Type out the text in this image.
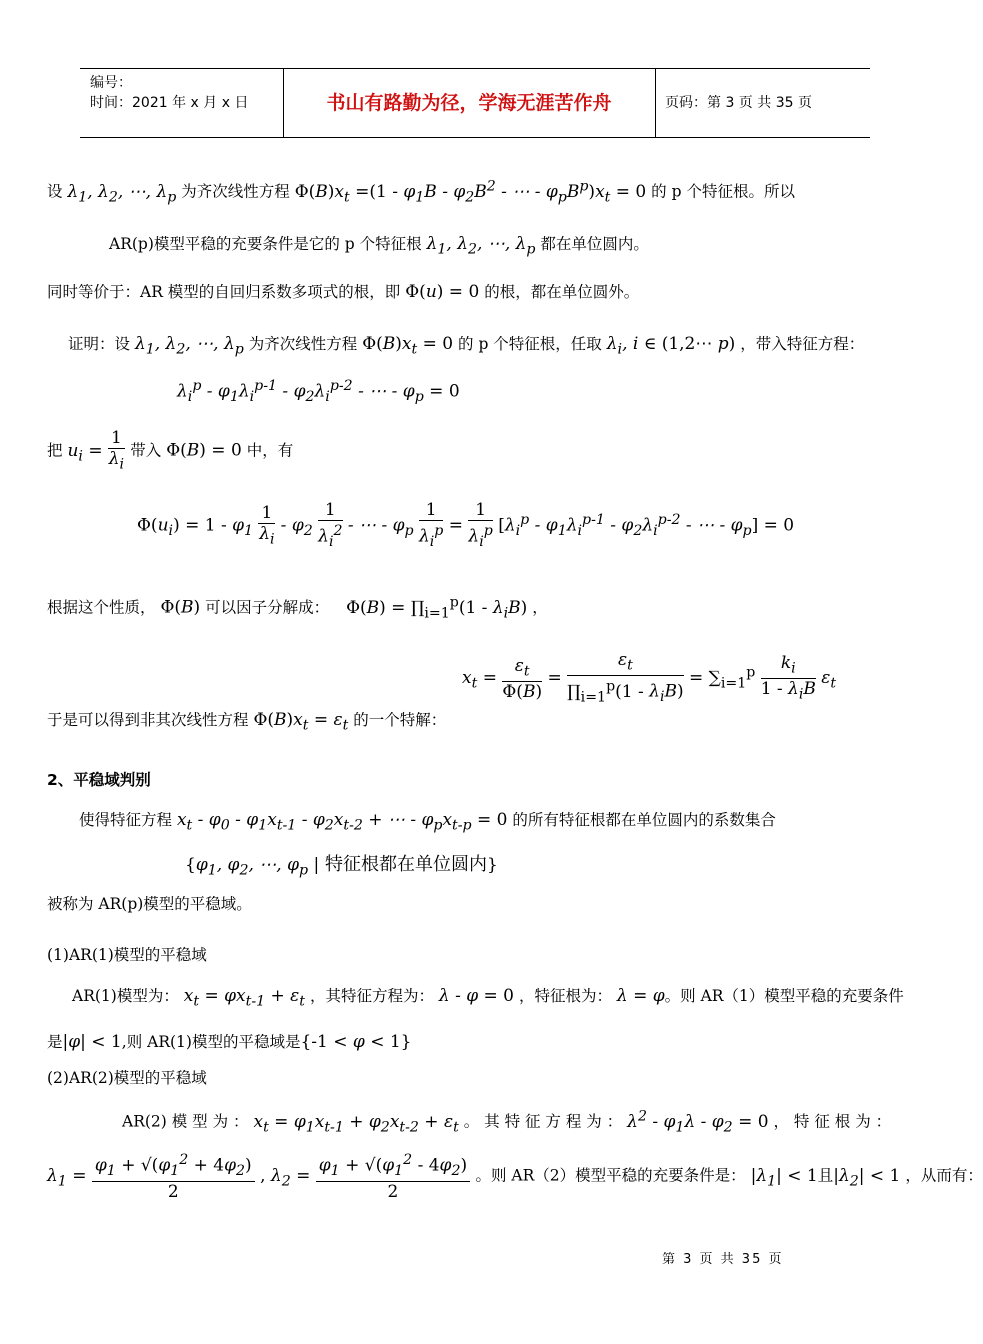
编号：
时间：2021 年 x 月 x 日	书山有路勤为径，学海无涯苦作舟	页码：第 3 页 共 35 页
设 $\lambda_1$, $\lambda_2$, ⋯, $\lambda_p$ 为齐次线性方程 $\Phi(B)x_t =(1 - \varphi_1B - \varphi_2B^2$ - ⋯ - $\varphi_pB^p)x_t = 0$ 的 p 个特征根。所以
AR(p)模型平稳的充要条件是它的 p 个特征根 $\lambda_1$, $\lambda_2$, ⋯, $\lambda_p$ 都在单位圆内。
同时等价于：AR 模型的自回归系数多项式的根，即 Φ(u) = 0 的根，都在单位圆外。
证明：设 $\lambda_1$, $\lambda_2$, ⋯, $\lambda_p$ 为齐次线性方程 $\Phi(B)x_t = 0$ 的 p 个特征根，任取 $\lambda_i$, i ∈ (1,2⋯ p) ，带入特征方程：
$\lambda_i^p - \varphi_1\lambda_i^{p-1} - \varphi_2\lambda_i^{p-2}$ - ⋯ - $\varphi_p = 0$
把 $u_i = \frac{1}{\lambda_i}$ 带入 Φ(B) = 0 中，有
$\Phi(u_i) = 1 - \varphi_1 \frac{1}{\lambda_i} - \varphi_2 \frac{1}{\lambda_i^2}$ - ⋯ - $\varphi_p \frac{1}{\lambda_i^p} = \frac{1}{\lambda_i^p} [\lambda_i^p - \varphi_1\lambda_i^{p-1} - \varphi_2\lambda_i^{p-2}$ - ⋯ - $\varphi_p] = 0$
根据这个性质， Φ(B) 可以因子分解成： $\Phi(B) = \prod_{i=1}^p(1 - \lambda_iB)$ ，
$x_t = \frac{\varepsilon_t}{\Phi(B)} = \frac{\varepsilon_t}{\prod_{i=1}^p(1 - \lambda_iB)} = \sum_{i=1}^p \frac{k_i}{1 - \lambda_iB} \varepsilon_t$
于是可以得到非其次线性方程 $\Phi(B)x_t = \varepsilon_t$ 的一个特解：
2、平稳域判别
使得特征方程 $x_t - \varphi_0 - \varphi_1x_{t-1} - \varphi_2x_{t-2}$ + ⋯ - $\varphi_px_{t-p} = 0$ 的所有特征根都在单位圆内的系数集合
{$\varphi_1$, $\varphi_2$, ⋯, $\varphi_p$ | 特征根都在单位圆内}
被称为 AR(p)模型的平稳域。
(1)AR(1)模型的平稳域
AR(1)模型为： $x_t = \varphi x_{t-1} + \varepsilon_t$ ，其特征方程为： λ - φ = 0 ，特征根为： λ = φ。则 AR（1）模型平稳的充要条件
是|φ| < 1,则 AR(1)模型的平稳域是{-1 < φ < 1}
(2)AR(2)模型的平稳域
AR(2) 模 型 为 ： $x_t = \varphi_1x_{t-1} + \varphi_2x_{t-2} + \varepsilon_t$ 。 其 特 征 方 程 为 ： $\lambda^2 - \varphi_1\lambda - \varphi_2 = 0$ ， 特 征 根 为 ：
$\lambda_1 = \frac{\varphi_1 + √(\varphi_1^2 + 4\varphi_2)}{2}$ , $\lambda_2 = \frac{\varphi_1 + √(\varphi_1^2 - 4\varphi_2)}{2}$ 。则 AR（2）模型平稳的充要条件是： $|\lambda_1| < 1$且$|\lambda_2| < 1$ ，从而有：
第 3 页 共 35 页
